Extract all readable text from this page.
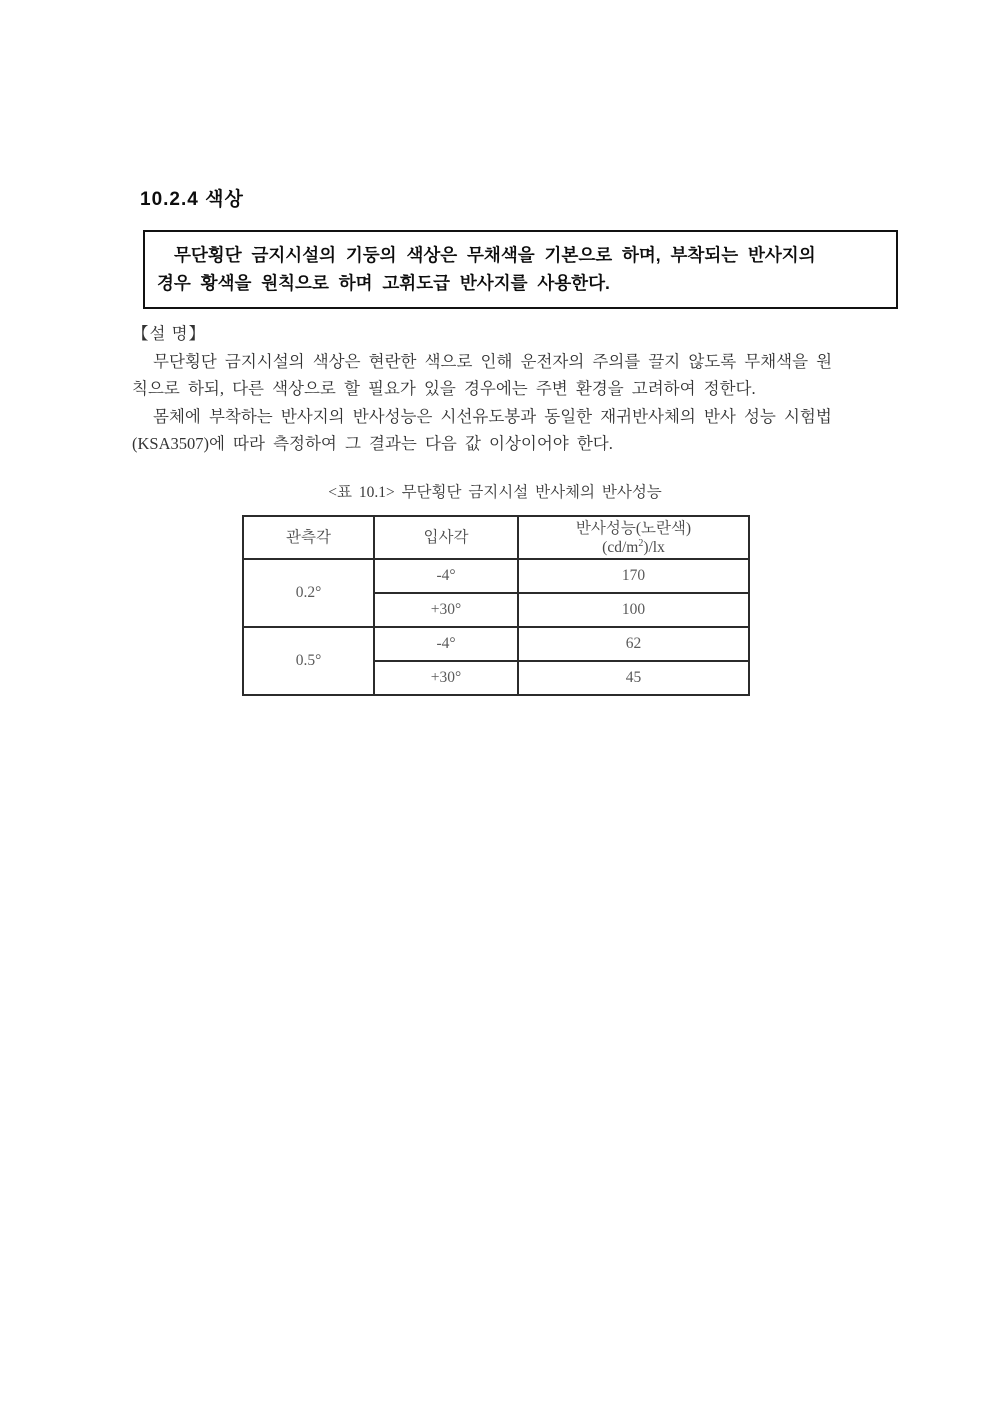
10.2.4 색상
무단횡단 금지시설의 기둥의 색상은 무채색을 기본으로 하며, 부착되는 반사지의
경우 황색을 원칙으로 하며 고휘도급 반사지를 사용한다.
【설 명】
무단횡단 금지시설의 색상은 현란한 색으로 인해 운전자의 주의를 끌지 않도록 무채색을 원
칙으로 하되, 다른 색상으로 할 필요가 있을 경우에는 주변 환경을 고려하여 정한다.
몸체에 부착하는 반사지의 반사성능은 시선유도봉과 동일한 재귀반사체의 반사 성능 시험법
(KSA3507)에 따라 측정하여 그 결과는 다음 값 이상이어야 한다.
<표 10.1> 무단횡단 금지시설 반사체의 반사성능
관측각	입사각	반사성능(노란색)
$(cd/m^2)/lx$
0.2°	-4°	170
	+30°	100
0.5°	-4°	62
	+30°	45
